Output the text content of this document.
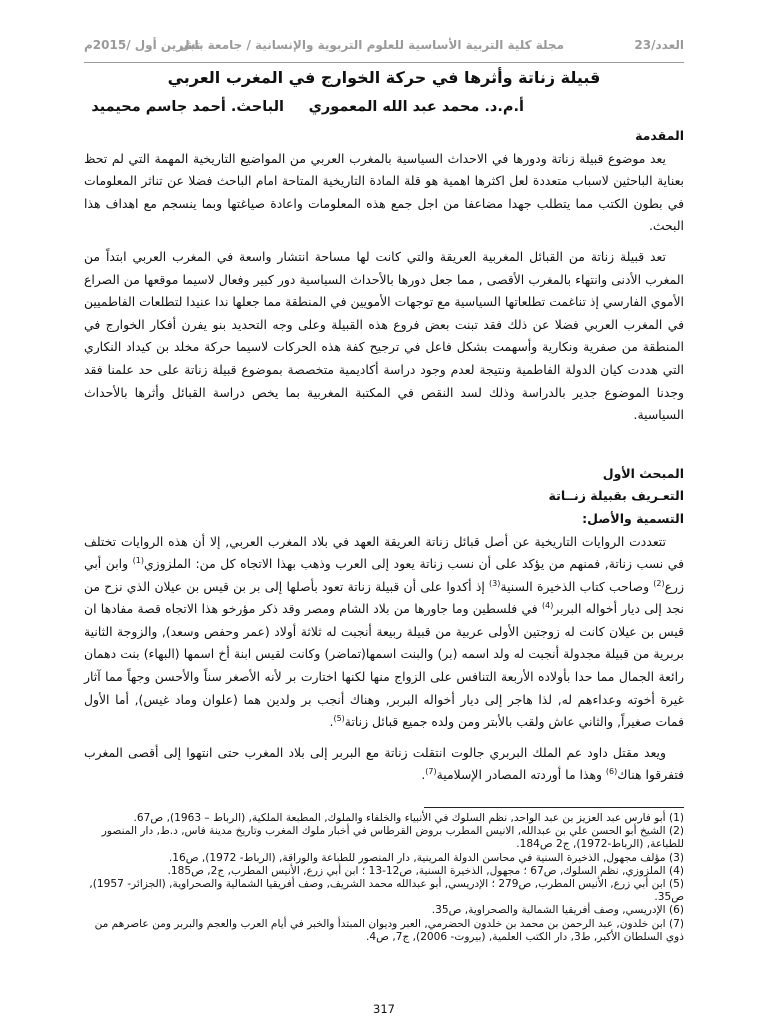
العدد/23
مجلة كلية التربية الأساسية للعلوم التربوية والإنسانية / جامعة بابل
تشرين أول /2015م
قبيلة زناتة وأثرها في حركة الخوارج في المغرب العربي
أ.م.د. محمد عبد الله المعموري
الباحث. أحمد جاسم محيميد
المقدمة

يعد موضوع قبيلة زناتة ودورها في الاحداث السياسية بالمغرب العربي من المواضيع التاريخية المهمة التي لم تحظ بعناية الباحثين لاسباب متعددة لعل اكثرها اهمية هو قلة المادة التاريخية المتاحة امام الباحث فضلا عن تناثر المعلومات في بطون الكتب مما يتطلب جهدا مضاعفا من اجل جمع هذه المعلومات واعادة صياغتها وبما ينسجم مع اهداف هذا البحث.

تعد قبيلة زناتة من القبائل المغربية العريقة والتي كانت لها مساحة انتشار واسعة في المغرب العربي ابتداً من المغرب الأدنى وانتهاء بالمغرب الأقصى , مما جعل دورها بالأحداث السياسية دور كبير وفعال لاسيما موقعها من الصراع الأموي الفارسي إذ تناغمت تطلعاتها السياسية مع توجهات الأمويين في المنطقة مما جعلها ندا عنيدا لتطلعات الفاطميين في المغرب العربي فضلا عن ذلك فقد تبنت بعض فروع هذه القبيلة وعلى وجه التحديد بنو يفرن أفكار الخوارج في المنطقة من صفرية ونكارية وأسهمت بشكل فاعل في ترجيح كفة هذه الحركات لاسيما حركة مخلد بن كيداد النكاري التي هددت كيان الدولة الفاطمية ونتيجة لعدم وجود دراسة أكاديمية متخصصة بموضوع قبيلة زناتة على حد علمنا فقد وجدنا الموضوع جدير بالدراسة وذلك لسد النقص في المكتبة المغربية بما يخص دراسة القبائل وأثرها بالأحداث السياسية.

المبحث الأول
التعـريف بقبيلة زنــاتة
التسمية والأصل:

تتعددت الروايات التاريخية عن أصل قبائل زناتة العريقة العهد في بلاد المغرب العربي, إلا أن هذه الروايات تختلف في نسب زناتة, فمنهم من يؤكد على أن نسب زناتة يعود إلى العرب وذهب بهذا الاتجاه كل من: الملزوزي$^{(1)}$ وابن أبي زرع$^{(2)}$ وصاحب كتاب الذخيرة السنية$^{(3)}$ إذ أكدوا على أن قبيلة زناتة تعود بأصلها إلى بر بن قيس بن عيلان الذي نزح من نجد إلى ديار أخواله البربر$^{(4)}$ في فلسطين وما جاورها من بلاد الشام ومصر وقد ذكر مؤرخو هذا الاتجاه قصة مفادها ان قيس بن عيلان كانت له زوجتين الأولى عربية من قبيلة ربيعة أنجبت له ثلاثة أولاد (عمر وحفص وسعد), والزوجة الثانية بربرية من قبيلة مجدولة أنجبت له ولد اسمه (بر) والبنت اسمها(تماضر) وكانت لقيس ابنة أخ اسمها (البهاء) بنت دهمان رائعة الجمال مما حدا بأولاده الأربعة التنافس على الزواج منها لكنها اختارت بر لأنه الأصغر سناً والأحسن وجهاً مما آثار غيرة أخوته وعداءهم له, لذا هاجر إلى ديار أخواله البربر, وهناك أنجب بر ولدين هما (علوان وماد غيس), أما الأول فمات صغيراً, والثاني عاش ولقب بالأبتر ومن ولده جميع قبائل زناتة$^{(5)}$.

ويعد مقتل داود عم الملك البربري جالوت انتقلت زناتة مع البربر إلى بلاد المغرب حتى انتهوا إلى أقصى المغرب فتفرقوا هناك$^{(6)}$ وهذا ما أوردته المصادر الإسلامية$^{(7)}$.

(1) أبو فارس عبد العزيز بن عبد الواحد, نظم السلوك في الأنبياء والخلفاء والملوك, المطبعة الملكية, (الرباط – 1963), ص67.

(2) الشيخ أبو الحسن علي بن عبدالله, الانيس المطرب بروض القرطاس في أخبار ملوك المغرب وتاريخ مدينة فاس, د.ط, دار المنصور للطباعة, (الرباط-1972), ج2 ص184.

(3) مؤلف مجهول, الذخيرة السنية في محاسن الدولة المرينية, دار المنصور للطباعة والوراقة, (الرباط- 1972), ص16.

(4) الملزوزي, نظم السلوك, ص67 ؛ مجهول, الذخيرة السنية, ص12-13 ؛ ابن أبي زرع, الأنيس المطرب, ج2, ص185.

(5) ابن أبي زرع, الأنيس المطرب, ص279 ؛ الإدريسي, أبو عبدالله محمد الشريف, وصف أفريقيا الشمالية والصحراوية, (الجزائر- 1957), ص35.

(6) الإدريسي, وصف أفريقيا الشمالية والصحراوية, ص35.

(7) ابن خلدون, عبد الرحمن بن محمد بن خلدون الحضرمي, العبر وديوان المبتدأ والخبر في أيام العرب والعجم والبربر ومن عاصرهم من ذوي السلطان الأكبر, ط3, دار الكتب العلمية, (بيروت- 2006), ج7, ص4.

317
